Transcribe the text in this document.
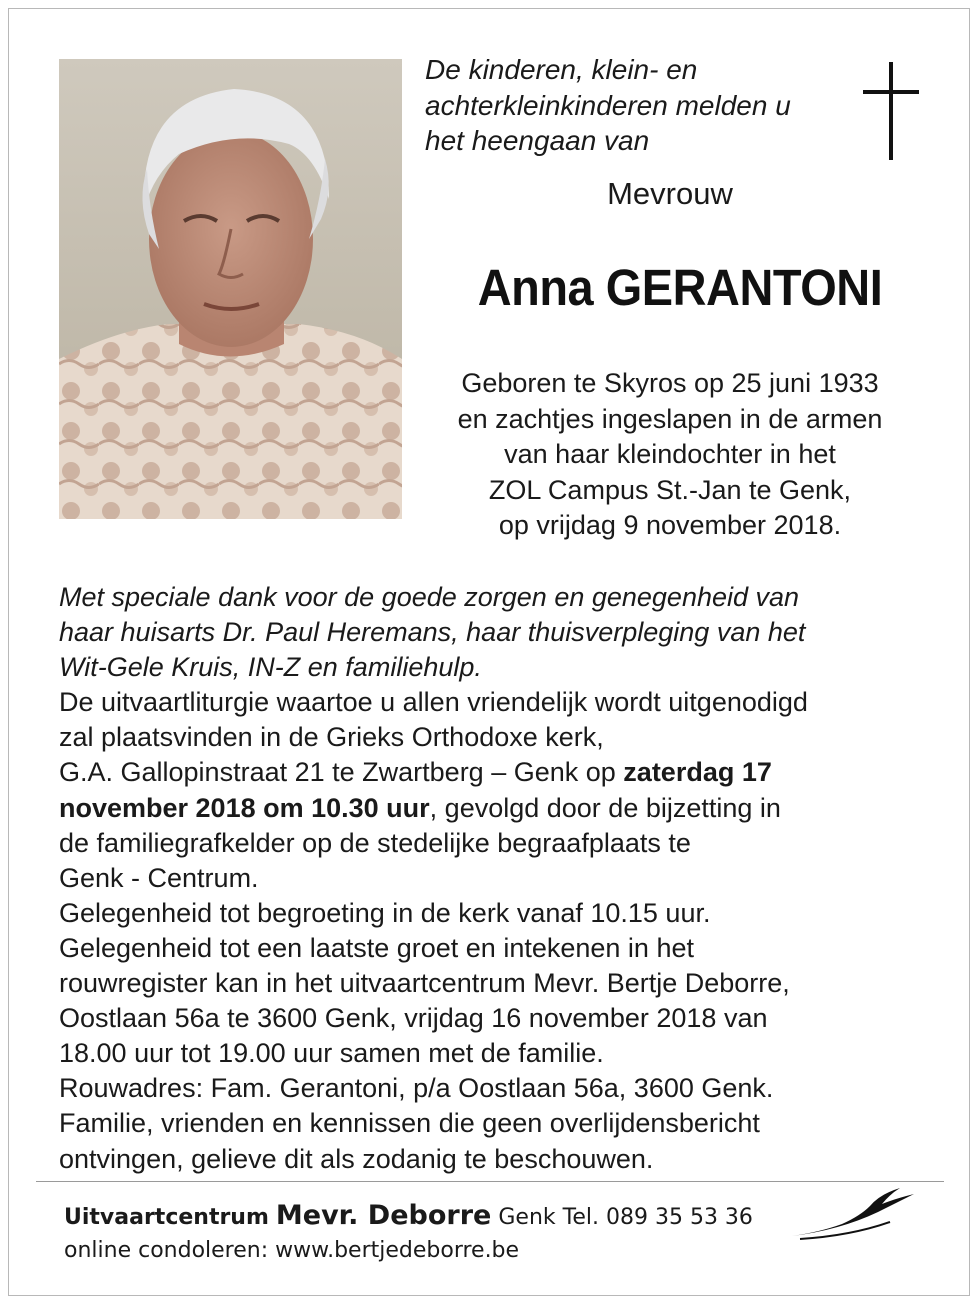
De kinderen, klein- en
achterkleinkinderen melden u
het heengaan van
Mevrouw
Anna GERANTONI
Geboren te Skyros op 25 juni 1933
en zachtjes ingeslapen in de armen
van haar kleindochter in het
ZOL Campus St.-Jan te Genk,
op vrijdag 9 november 2018.
Met speciale dank voor de goede zorgen en genegenheid van
haar huisarts Dr. Paul Heremans, haar thuisverpleging van het
Wit-Gele Kruis, IN-Z en familiehulp.
De uitvaartliturgie waartoe u allen vriendelijk wordt uitgenodigd
zal plaatsvinden in de Grieks Orthodoxe kerk,
G.A. Gallopinstraat 21 te Zwartberg – Genk op zaterdag 17
november 2018 om 10.30 uur, gevolgd door de bijzetting in
de familiegrafkelder op de stedelijke begraafplaats te
Genk - Centrum.
Gelegenheid tot begroeting in de kerk vanaf 10.15 uur.
Gelegenheid tot een laatste groet en intekenen in het
rouwregister kan in het uitvaartcentrum Mevr. Bertje Deborre,
Oostlaan 56a te 3600 Genk, vrijdag 16 november 2018 van
18.00 uur tot 19.00 uur samen met de familie.
Rouwadres: Fam. Gerantoni, p/a Oostlaan 56a, 3600 Genk.
Familie, vrienden en kennissen die geen overlijdensbericht
ontvingen, gelieve dit als zodanig te beschouwen.
Uitvaartcentrum Mevr. Deborre Genk Tel. 089 35 53 36
online condoleren: www.bertjedeborre.be
